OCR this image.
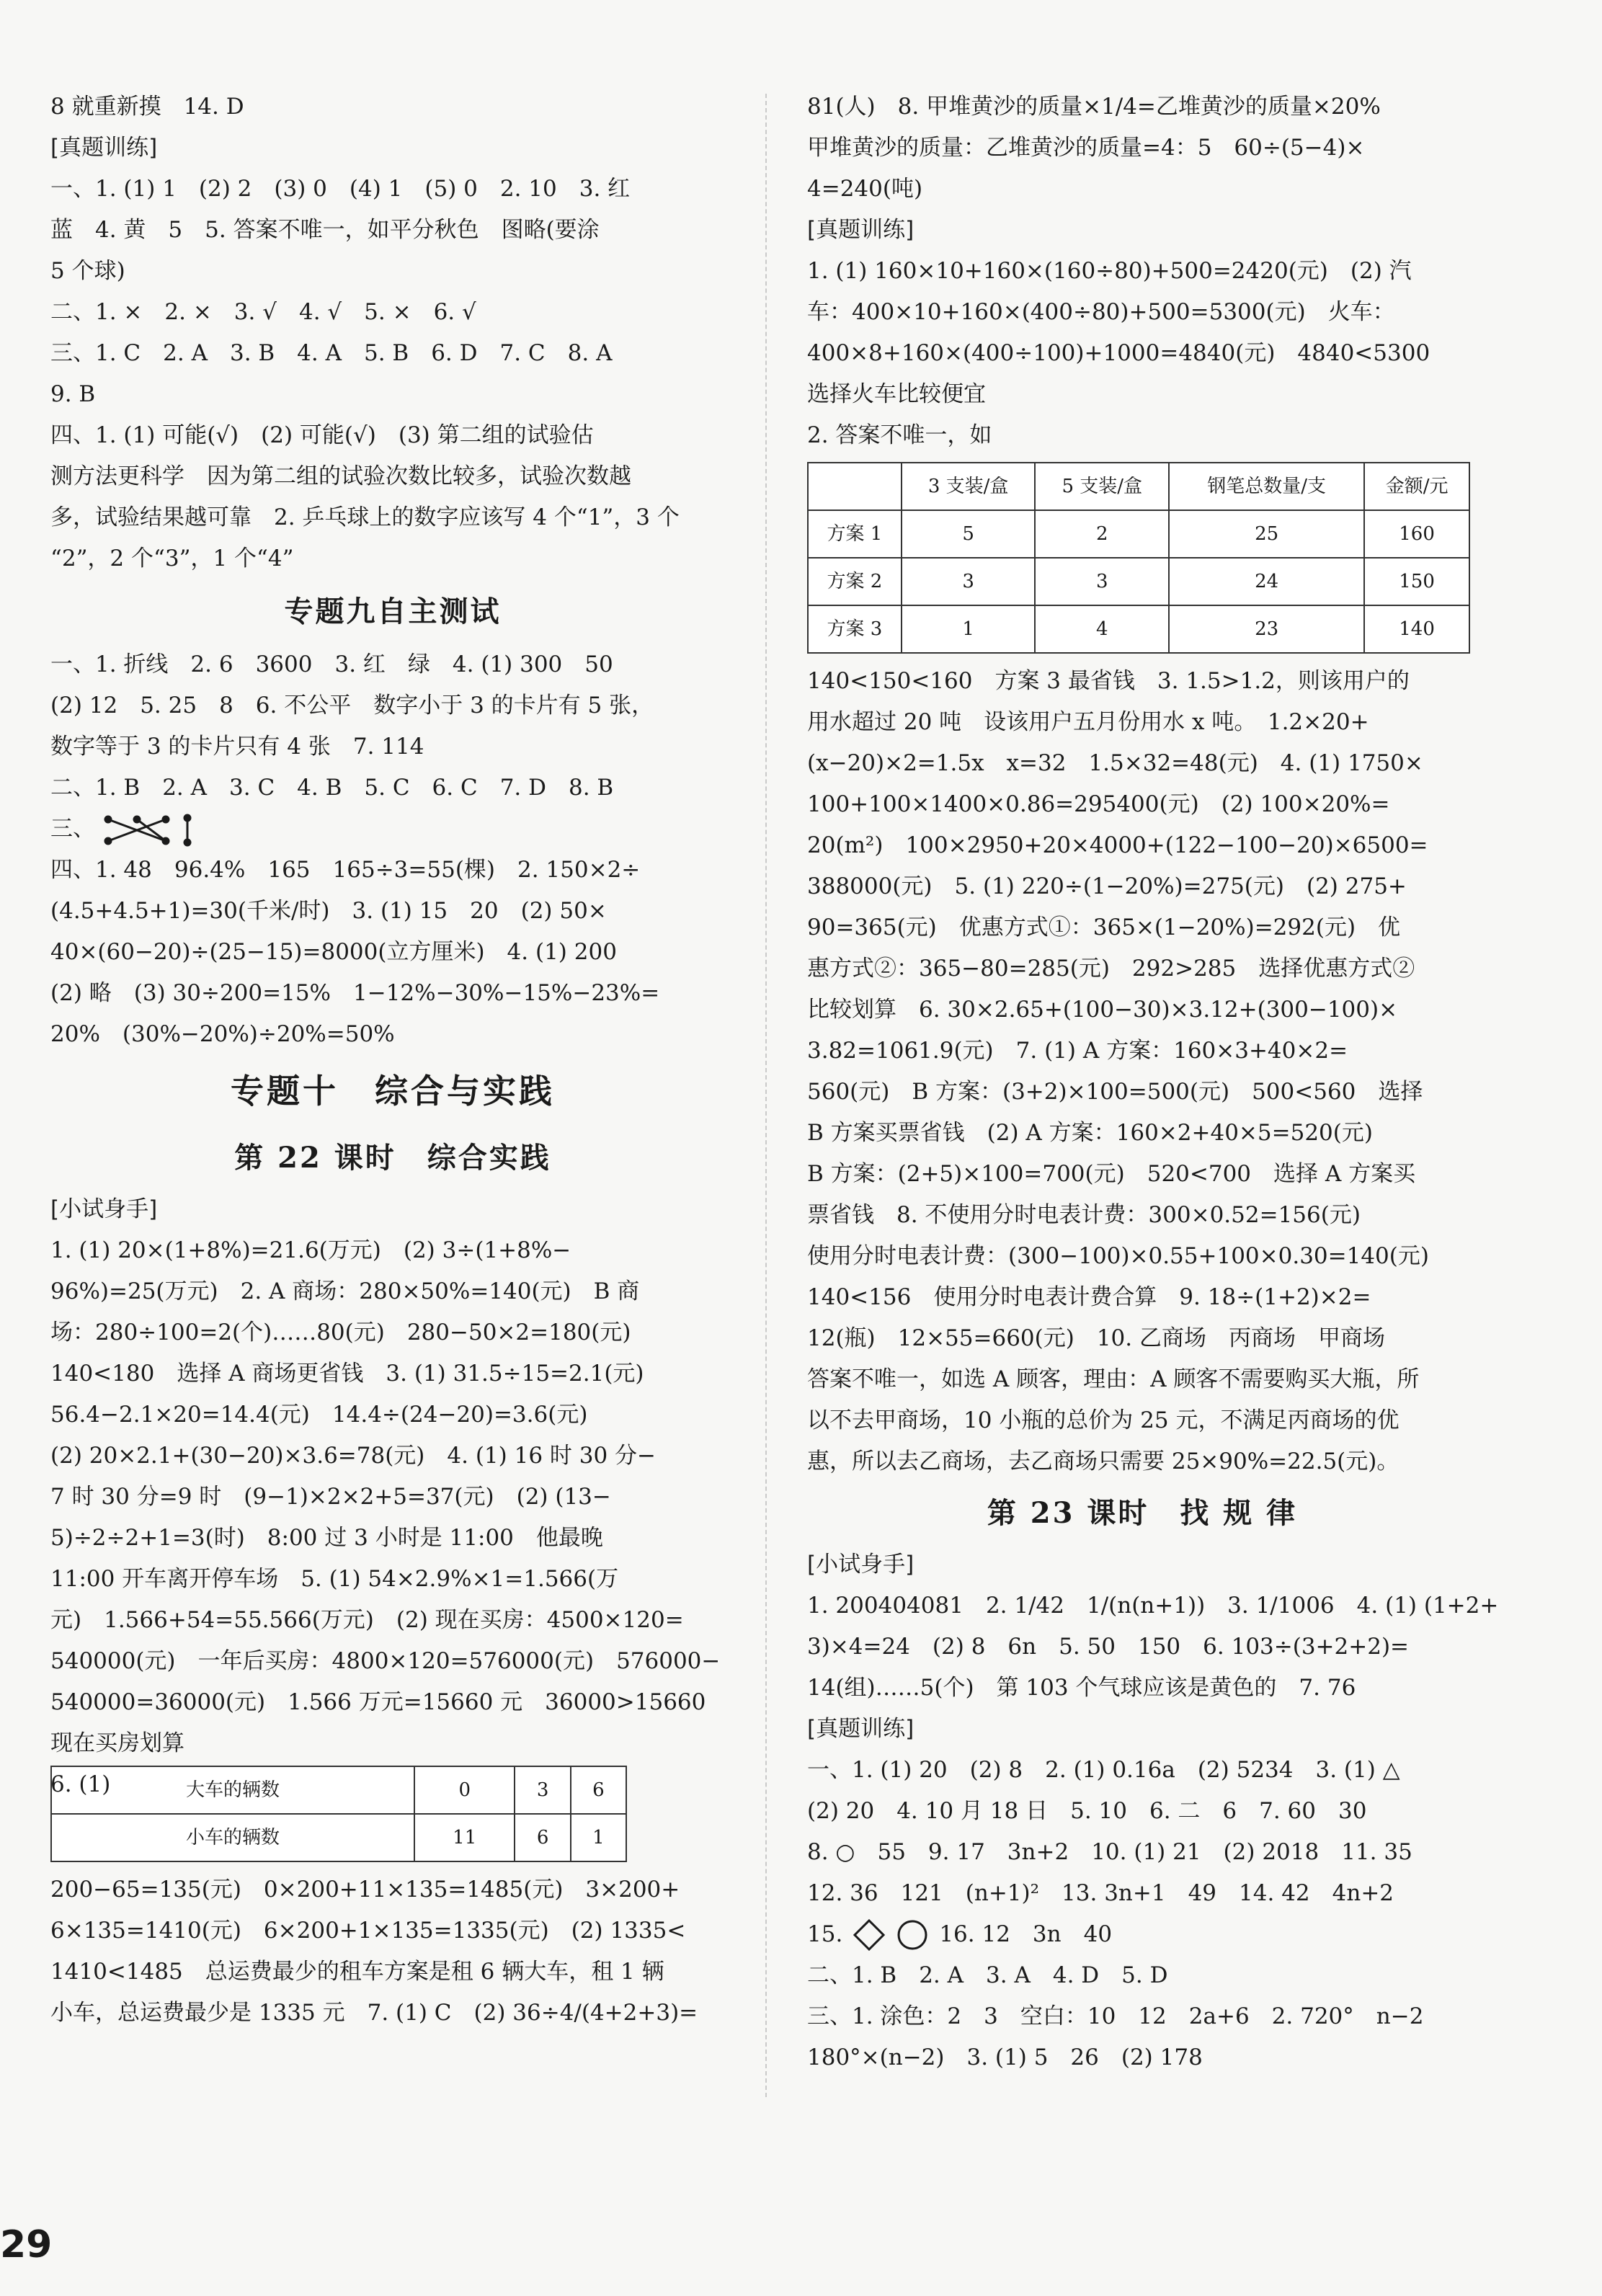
8 就重新摸　14. D
[真题训练]
一、1. (1) 1　(2) 2　(3) 0　(4) 1　(5) 0　2. 10　3. 红
蓝　4. 黄　5　5. 答案不唯一，如平分秋色　图略(要涂
5 个球)
二、1. ×　2. ×　3. √　4. √　5. ×　6. √
三、1. C　2. A　3. B　4. A　5. B　6. D　7. C　8. A
9. B
四、1. (1) 可能(√)　(2) 可能(√)　(3) 第二组的试验估
测方法更科学　因为第二组的试验次数比较多，试验次数越
多，试验结果越可靠　2. 乒乓球上的数字应该写 4 个“1”，3 个
“2”，2 个“3”，1 个“4”
专题九自主测试
一、1. 折线　2. 6　3600　3. 红　绿　4. (1) 300　50
(2) 12　5. 25　8　6. 不公平　数字小于 3 的卡片有 5 张，
数字等于 3 的卡片只有 4 张　7. 114
二、1. B　2. A　3. C　4. B　5. C　6. C　7. D　8. B
三、
四、1. 48　96.4%　165　165÷3=55(棵)　2. 150×2÷
(4.5+4.5+1)=30(千米/时)　3. (1) 15　20　(2) 50×
40×(60−20)÷(25−15)=8000(立方厘米)　4. (1) 200
(2) 略　(3) 30÷200=15%　1−12%−30%−15%−23%=
20%　(30%−20%)÷20%=50%
专题十　综合与实践
第 22 课时　综合实践
[小试身手]
1. (1) 20×(1+8%)=21.6(万元)　(2) 3÷(1+8%−
96%)=25(万元)　2. A 商场：280×50%=140(元)　B 商
场：280÷100=2(个)……80(元)　280−50×2=180(元)
140<180　选择 A 商场更省钱　3. (1) 31.5÷15=2.1(元)
56.4−2.1×20=14.4(元)　14.4÷(24−20)=3.6(元)
(2) 20×2.1+(30−20)×3.6=78(元)　4. (1) 16 时 30 分−
7 时 30 分=9 时　(9−1)×2×2+5=37(元)　(2) (13−
5)÷2÷2+1=3(时)　8:00 过 3 小时是 11:00　他最晚
11:00 开车离开停车场　5. (1) 54×2.9%×1=1.566(万
元)　1.566+54=55.566(万元)　(2) 现在买房：4500×120=
540000(元)　一年后买房：4800×120=576000(元)　576000−
540000=36000(元)　1.566 万元=15660 元　36000>15660
现在买房划算
6. (1)	大车的辆数	0	3	6
小车的辆数	11	6	1
200−65=135(元)　0×200+11×135=1485(元)　3×200+
6×135=1410(元)　6×200+1×135=1335(元)　(2) 1335<
1410<1485　总运费最少的租车方案是租 6 辆大车，租 1 辆
小车，总运费最少是 1335 元　7. (1) C　(2) 36÷4/(4+2+3)=
81(人)　8. 甲堆黄沙的质量×1/4=乙堆黄沙的质量×20%
甲堆黄沙的质量：乙堆黄沙的质量=4：5　60÷(5−4)×
4=240(吨)
[真题训练]
1. (1) 160×10+160×(160÷80)+500=2420(元)　(2) 汽
车：400×10+160×(400÷80)+500=5300(元)　火车：
400×8+160×(400÷100)+1000=4840(元)　4840<5300
选择火车比较便宜
2. 答案不唯一，如
	3 支装/盒	5 支装/盒	钢笔总数量/支	金额/元
方案 1	5	2	25	160
方案 2	3	3	24	150
方案 3	1	4	23	140
140<150<160　方案 3 最省钱　3. 1.5>1.2，则该用户的
用水超过 20 吨　设该用户五月份用水 x 吨。　1.2×20+
(x−20)×2=1.5x　x=32　1.5×32=48(元)　4. (1) 1750×
100+100×1400×0.86=295400(元)　(2) 100×20%=
20(m²)　100×2950+20×4000+(122−100−20)×6500=
388000(元)　5. (1) 220÷(1−20%)=275(元)　(2) 275+
90=365(元)　优惠方式①：365×(1−20%)=292(元)　优
惠方式②：365−80=285(元)　292>285　选择优惠方式②
比较划算　6. 30×2.65+(100−30)×3.12+(300−100)×
3.82=1061.9(元)　7. (1) A 方案：160×3+40×2=
560(元)　B 方案：(3+2)×100=500(元)　500<560　选择
B 方案买票省钱　(2) A 方案：160×2+40×5=520(元)
B 方案：(2+5)×100=700(元)　520<700　选择 A 方案买
票省钱　8. 不使用分时电表计费：300×0.52=156(元)
使用分时电表计费：(300−100)×0.55+100×0.30=140(元)
140<156　使用分时电表计费合算　9. 18÷(1+2)×2=
12(瓶)　12×55=660(元)　10. 乙商场　丙商场　甲商场
答案不唯一，如选 A 顾客，理由：A 顾客不需要购买大瓶，所
以不去甲商场，10 小瓶的总价为 25 元，不满足丙商场的优
惠，所以去乙商场，去乙商场只需要 25×90%=22.5(元)。
第 23 课时　找 规 律
[小试身手]
1. 200404081　2. 1/42　1/(n(n+1))　3. 1/1006　4. (1) (1+2+
3)×4=24　(2) 8　6n　5. 50　150　6. 103÷(3+2+2)=
14(组)……5(个)　第 103 个气球应该是黄色的　7. 76
[真题训练]
一、1. (1) 20　(2) 8　2. (1) 0.16a　(2) 5234　3. (1) △
(2) 20　4. 10 月 18 日　5. 10　6. 二　6　7. 60　30
8. ○　55　9. 17　3n+2　10. (1) 21　(2) 2018　11. 35
12. 36　121　(n+1)²　13. 3n+1　49　14. 42　4n+2
15.	16. 12　3n　40
二、1. B　2. A　3. A　4. D　5. D
三、1. 涂色：2　3　空白：10　12　2a+6　2. 720°　n−2
180°×(n−2)　3. (1) 5　26　(2) 178
29
